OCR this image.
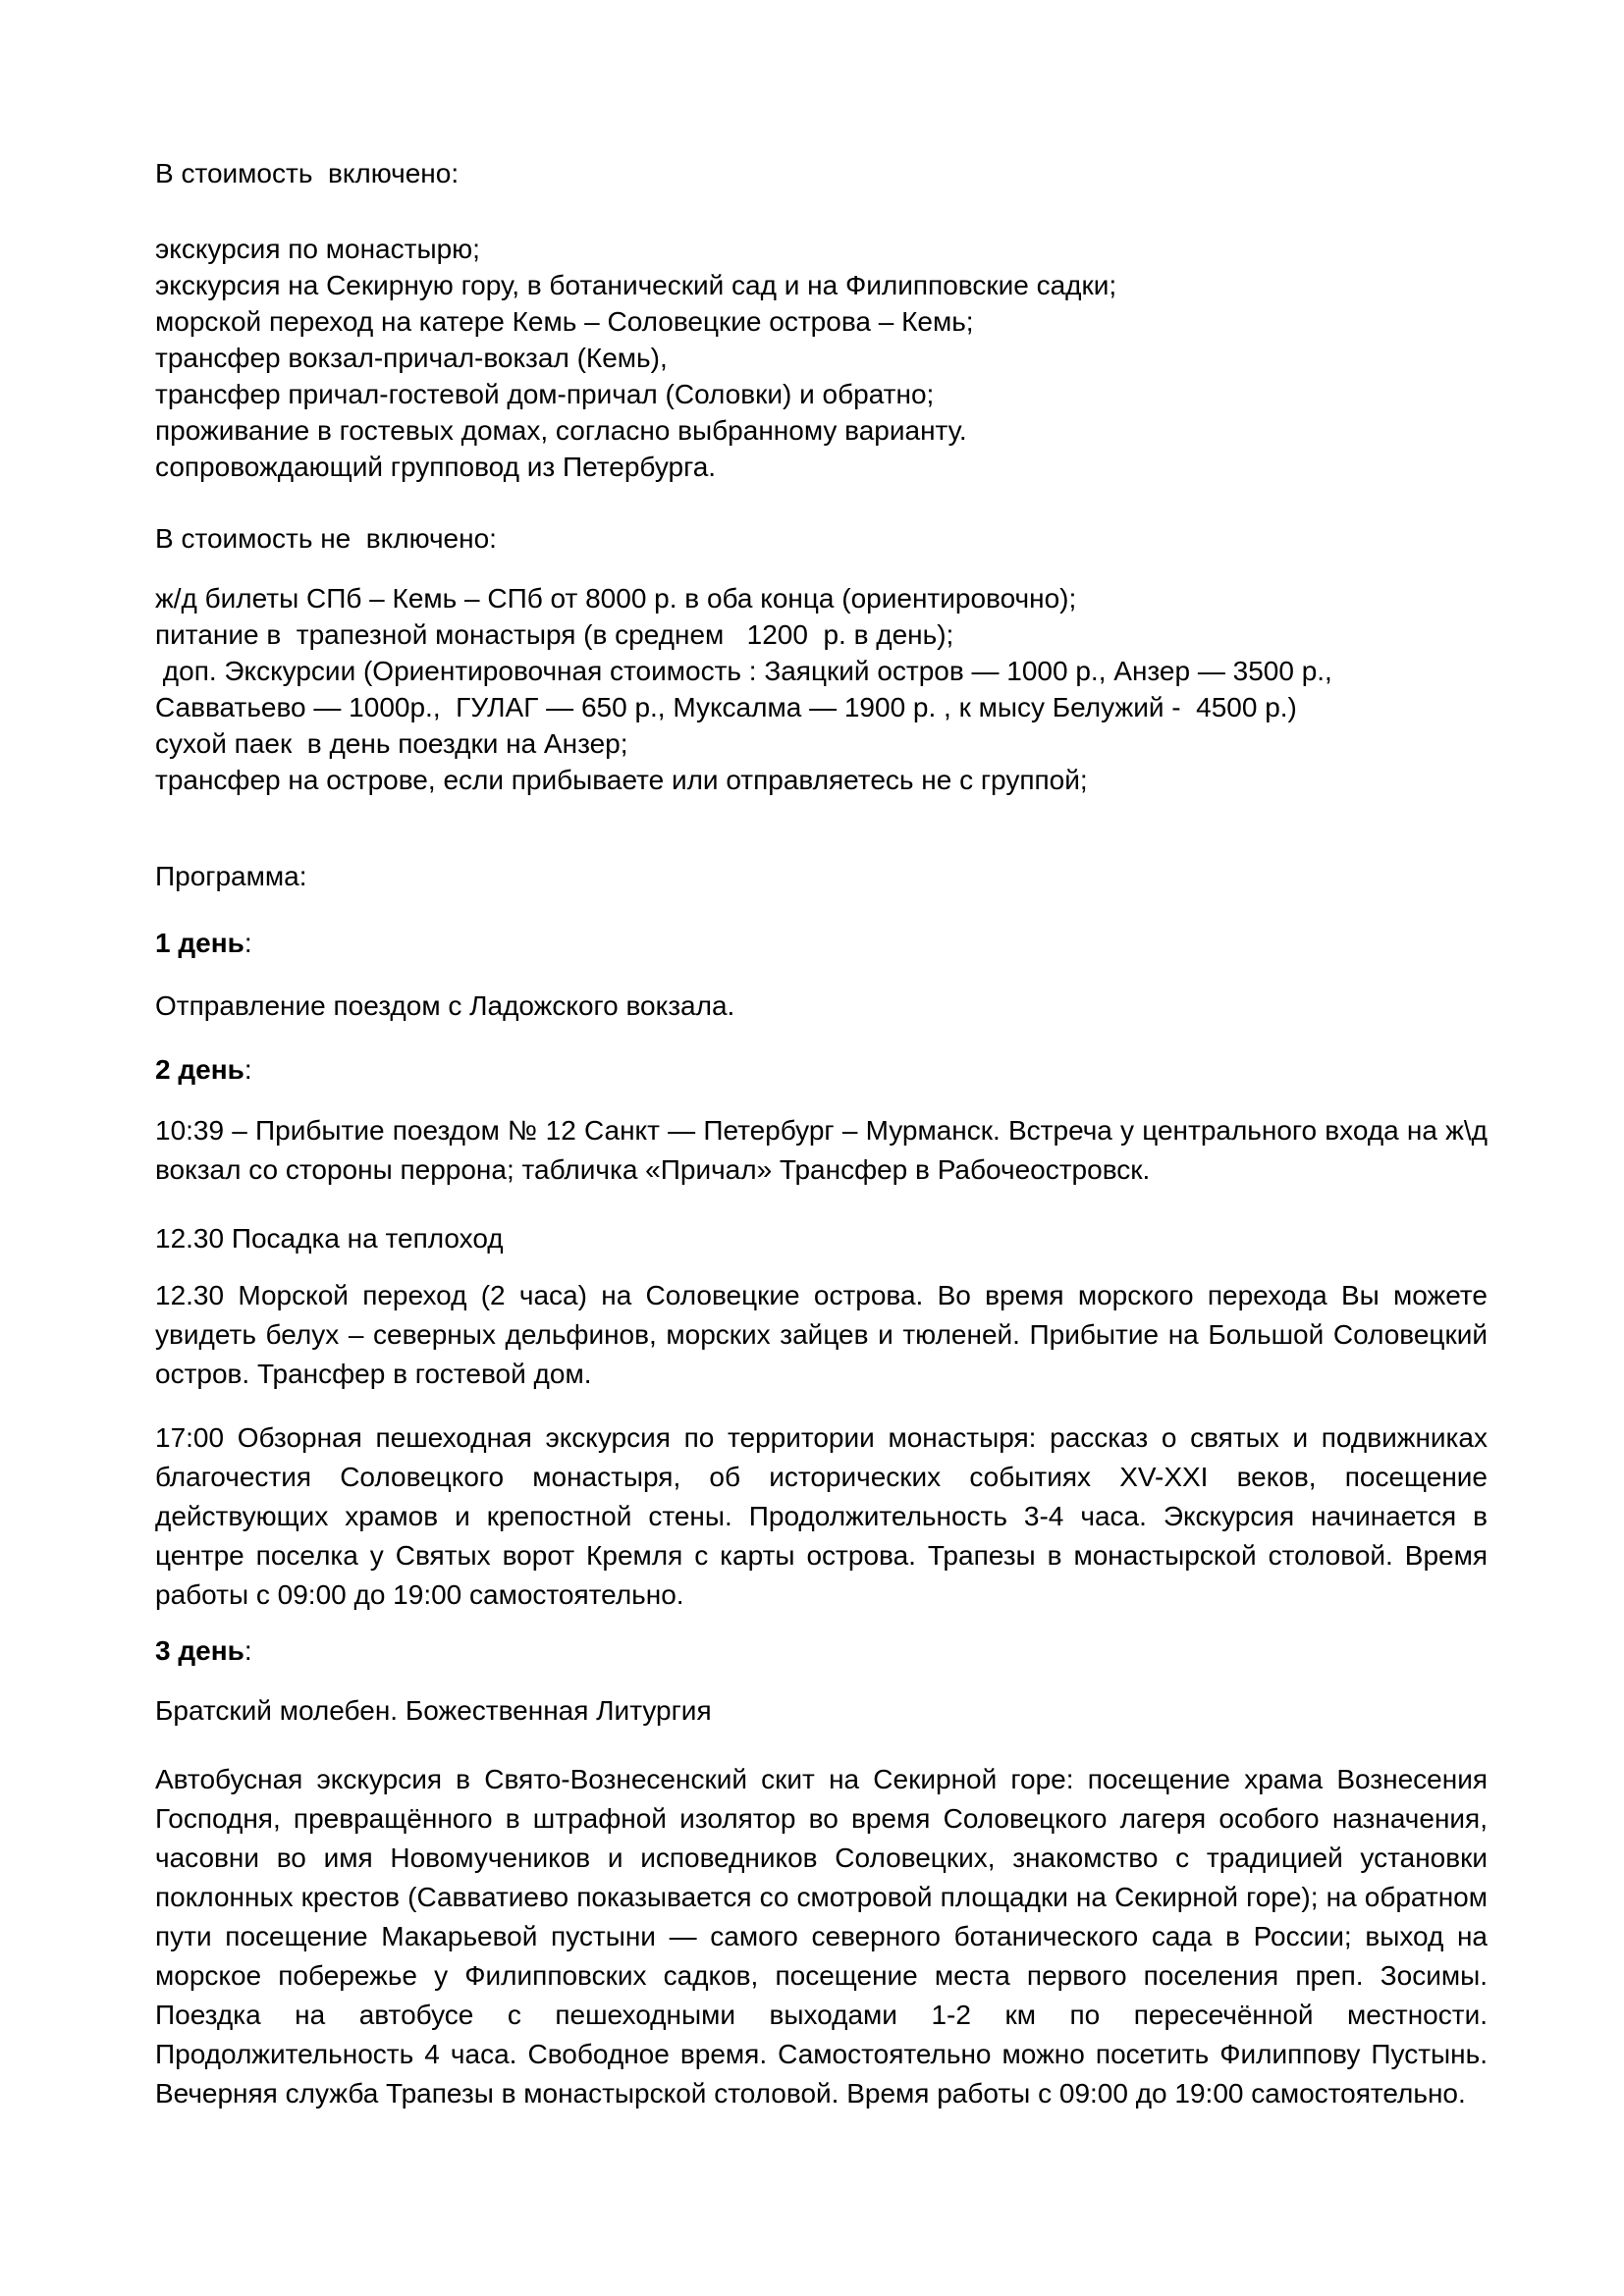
В стоимость  включено:

экскурсия по монастырю;

экскурсия на Секирную гору, в ботанический сад и на Филипповские садки;

морской переход на катере Кемь – Соловецкие острова – Кемь;

трансфер вокзал-причал-вокзал (Кемь),

трансфер причал-гостевой дом-причал (Соловки) и обратно;

проживание в гостевых домах, согласно выбранному варианту.

сопровождающий групповод из Петербурга.

В стоимость не  включено:

ж/д билеты СПб – Кемь – СПб от 8000 р. в оба конца (ориентировочно);

питание в  трапезной монастыря (в среднем   1200  р. в день);

доп. Экскурсии (Ориентировочная стоимость : Заяцкий остров — 1000 р., Анзер — 3500 р.,

Савватьево — 1000р.,  ГУЛАГ — 650 р., Муксалма — 1900 р. , к мысу Белужий -  4500 р.)

сухой паек  в день поездки на Анзер;

трансфер на острове, если прибываете или отправляетесь не с группой;

Программа:

1 день:

Отправление поездом с Ладожского вокзала.

2 день:

10:39 – Прибытие поездом № 12 Санкт — Петербург – Мурманск. Встреча у центрального входа на ж\д вокзал со стороны перрона; табличка «Причал» Трансфер в Рабочеостровск.

12.30 Посадка на теплоход

12.30 Морской переход (2 часа) на Соловецкие острова. Во время морского перехода Вы можете увидеть белух – северных дельфинов, морских зайцев и тюленей. Прибытие на Большой Соловецкий остров. Трансфер в гостевой дом.

17:00 Обзорная пешеходная экскурсия по территории монастыря: рассказ о святых и подвижниках благочестия Соловецкого монастыря, об исторических событиях XV-XXI веков, посещение действующих храмов и крепостной стены. Продолжительность 3-4 часа. Экскурсия начинается в центре поселка у Святых ворот Кремля с карты острова. Трапезы в монастырской столовой. Время работы с 09:00 до 19:00 самостоятельно.

3 день:

Братский молебен. Божественная Литургия

Автобусная экскурсия в Свято-Вознесенский скит на Секирной горе: посещение храма Вознесения Господня, превращённого в штрафной изолятор во время Соловецкого лагеря особого назначения, часовни во имя Новомучеников и исповедников Соловецких, знакомство с традицией установки поклонных крестов (Савватиево показывается со смотровой площадки на Секирной горе); на обратном пути посещение Макарьевой пустыни — самого северного ботанического сада в России; выход на морское побережье у Филипповских садков, посещение места первого поселения преп. Зосимы. Поездка на автобусе с пешеходными выходами 1-2 км по пересечённой местности. Продолжительность 4 часа. Свободное время. Самостоятельно можно посетить Филиппову Пустынь. Вечерняя служба Трапезы в монастырской столовой. Время работы с 09:00 до 19:00 самостоятельно.
